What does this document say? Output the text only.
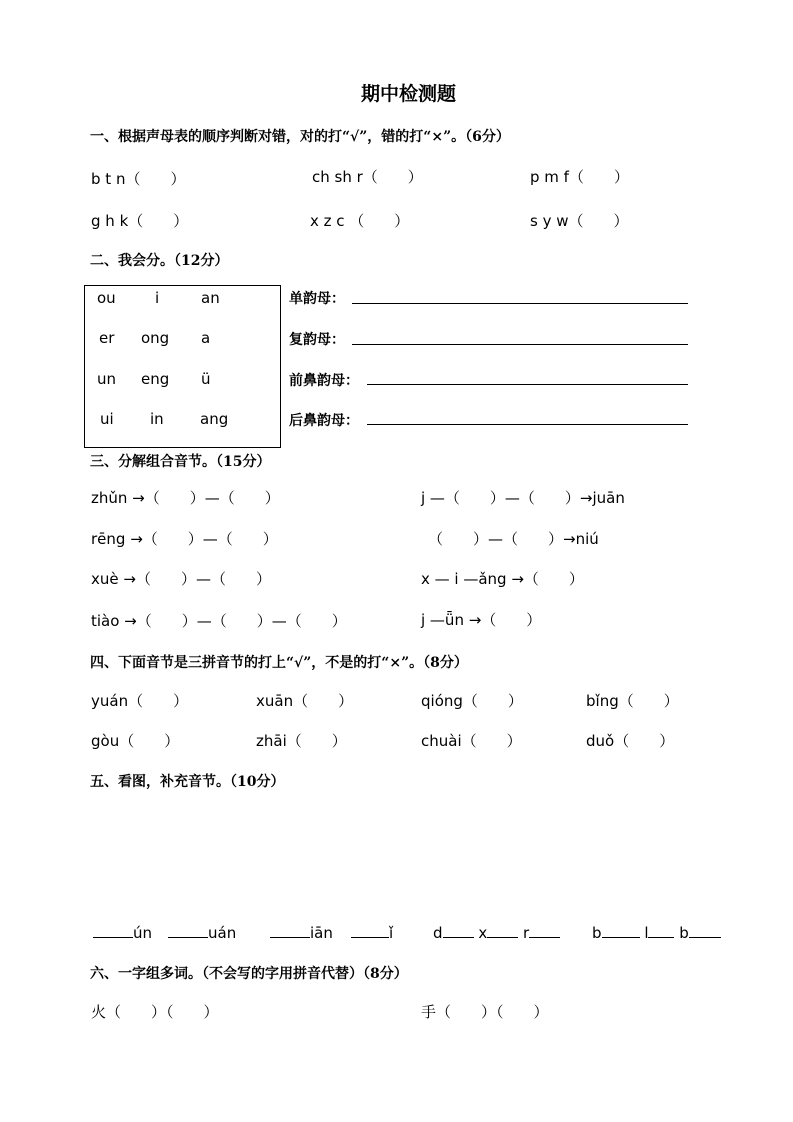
期中检测题
一、根据声母表的顺序判断对错，对的打“√”，错的打“×”。（6分）
b t n（　　）	ch sh r（　　）	p m f（　　）
g h k（　　）	x z c （　　）	s y w（　　）
二、我会分。（12分）
ou	i	an
er ong a
un eng ü
ui in ang
单韵母：
复韵母：
前鼻韵母：
后鼻韵母：
三、分解组合音节。（15分）
zhǔn →（　　）—（　　）	j —（　　）—（　　）→juān
rēng →（　　）—（　　）	（　　）—（　　）→niú
xuè →（　　）—（　　）	x — i —ǎng →（　　）
tiào →（　　）—（　　）—（　　）	j —ǖn →（　　）
四、下面音节是三拼音节的打上“√”，不是的打“×”。（8分）
yuán（　　）	xuān（　　）	qióng（　　）	bǐng（　　）
gòu（　　）	zhāi（　　）	chuài（　　）	duǒ（　　）
五、看图，补充音节。（10分）
ún	uán	iān	ǐ	d x r	b	l b
六、一字组多词。（不会写的字用拼音代替）（8分）
火（　　）（　　）	手（　　）（　　）
